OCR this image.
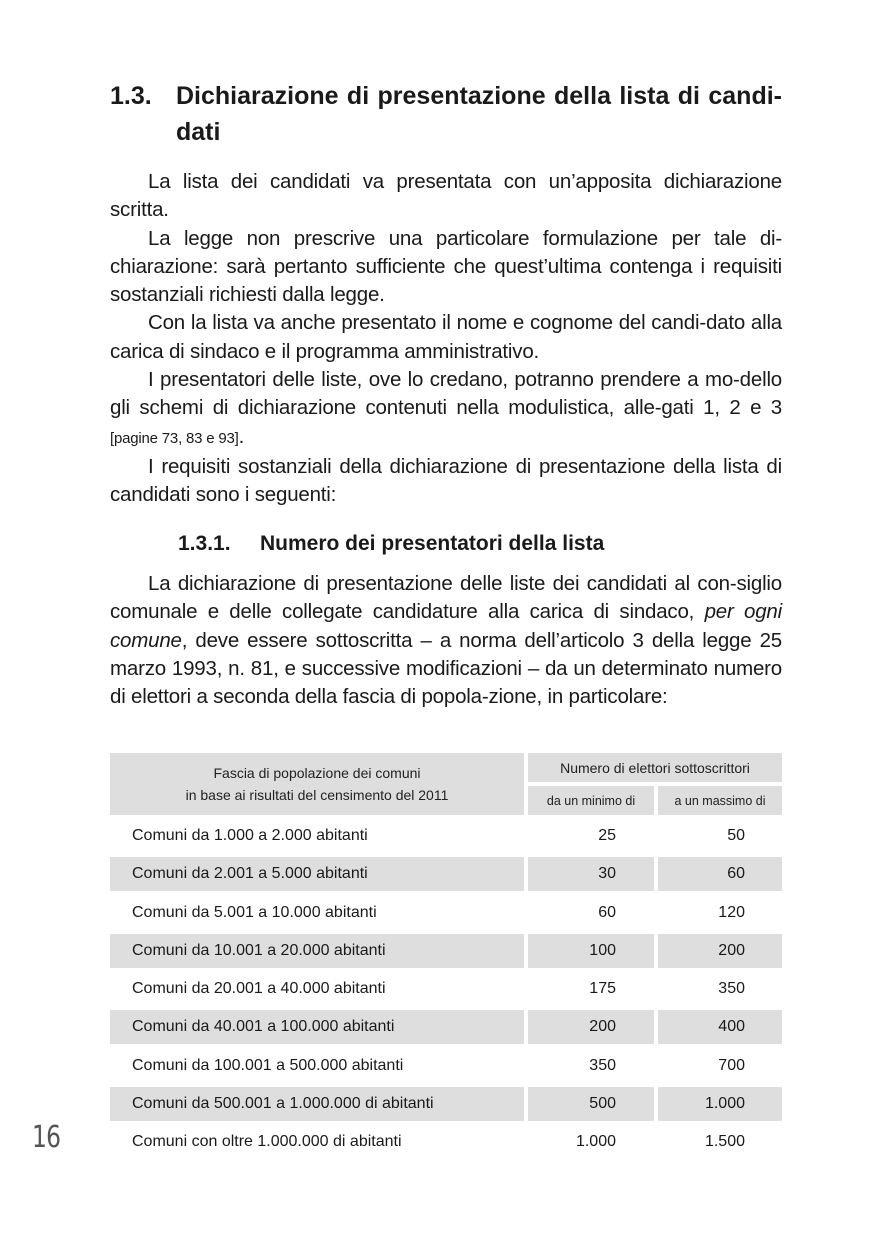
1.3. Dichiarazione di presentazione della lista di candi-dati

La lista dei candidati va presentata con un’apposita dichiarazione scritta.

La legge non prescrive una particolare formulazione per tale di-chiarazione: sarà pertanto sufficiente che quest’ultima contenga i requisiti sostanziali richiesti dalla legge.

Con la lista va anche presentato il nome e cognome del candi-dato alla carica di sindaco e il programma amministrativo.

I presentatori delle liste, ove lo credano, potranno prendere a mo-dello gli schemi di dichiarazione contenuti nella modulistica, alle-gati 1, 2 e 3 [pagine 73, 83 e 93].

I requisiti sostanziali della dichiarazione di presentazione della lista di candidati sono i seguenti:

1.3.1. Numero dei presentatori della lista

La dichiarazione di presentazione delle liste dei candidati al con-siglio comunale e delle collegate candidature alla carica di sindaco, per ogni comune, deve essere sottoscritta – a norma dell’articolo 3 della legge 25 marzo 1993, n. 81, e successive modificazioni – da un determinato numero di elettori a seconda della fascia di popola-zione, in particolare:

Fascia di popolazione dei comuni
in base ai risultati del censimento del 2011
Numero di elettori sottoscrittori
da un minimo di	a un massimo di
Comuni da 1.000 a 2.000 abitanti	25	50
Comuni da 2.001 a 5.000 abitanti	30	60
Comuni da 5.001 a 10.000 abitanti	60	120
Comuni da 10.001 a 20.000 abitanti	100	200
Comuni da 20.001 a 40.000 abitanti	175	350
Comuni da 40.001 a 100.000 abitanti	200	400
Comuni da 100.001 a 500.000 abitanti	350	700
Comuni da 500.001 a 1.000.000 di abitanti	500	1.000
Comuni con oltre 1.000.000 di abitanti	1.000	1.500
16
